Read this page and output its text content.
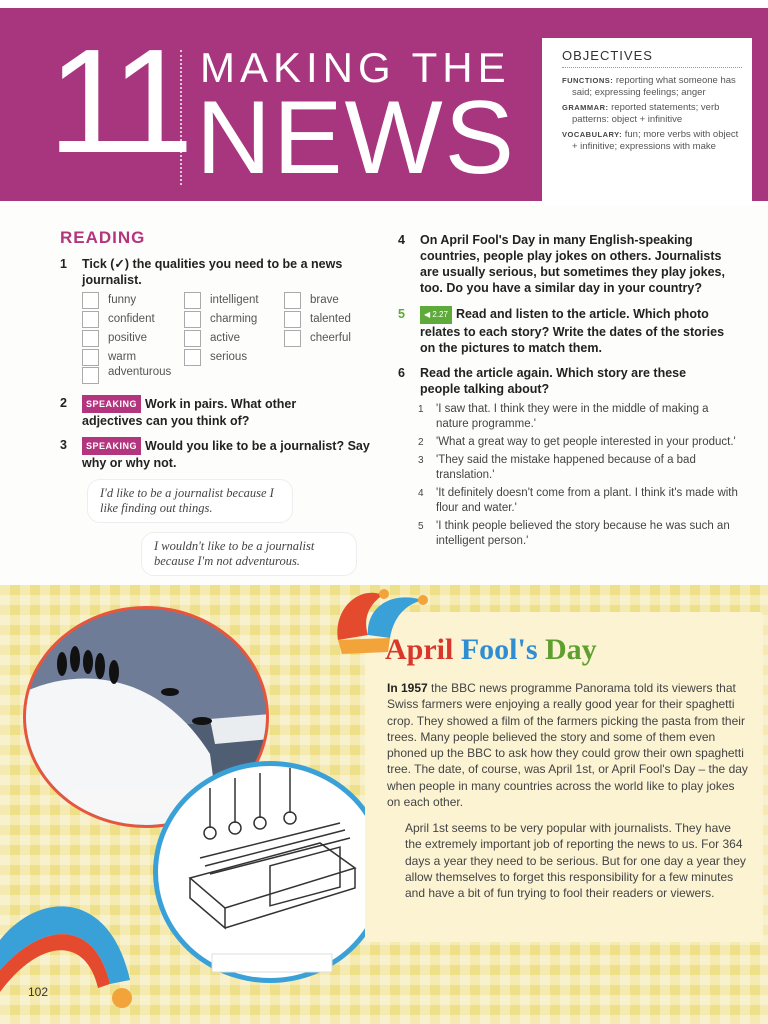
11 MAKING THE
NEWS
OBJECTIVES
FUNCTIONS: reporting what someone has said; expressing feelings; anger
GRAMMAR: reported statements; verb patterns: object + infinitive
VOCABULARY: fun; more verbs with object + infinitive; expressions with make
READING
1 Tick (✓) the qualities you need to be a news journalist.
funny
confident
positive
warm
adventurous
intelligent
charming
active
serious
brave
talented
cheerful
2 SPEAKING Work in pairs. What other adjectives can you think of?
3 SPEAKING Would you like to be a journalist? Say why or why not.
I'd like to be a journalist because I like finding out things.
I wouldn't like to be a journalist because I'm not adventurous.
4 On April Fool's Day in many English-speaking countries, people play jokes on others. Journalists are usually serious, but sometimes they play jokes, too. Do you have a similar day in your country?
5 ◀ 2.27 Read and listen to the article. Which photo relates to each story? Write the dates of the stories on the pictures to match them.
6 Read the article again. Which story are these people talking about?
1 'I saw that. I think they were in the middle of making a nature programme.'
2 'What a great way to get people interested in your product.'
3 'They said the mistake happened because of a bad translation.'
4 'It definitely doesn't come from a plant. I think it's made with flour and water.'
5 'I think people believed the story because he was such an intelligent person.'
April Fool's Day
In 1957 the BBC news programme Panorama told its viewers that Swiss farmers were enjoying a really good year for their spaghetti crop. They showed a film of the farmers picking the pasta from their trees. Many people believed the story and some of them even phoned up the BBC to ask how they could grow their own spaghetti tree. The date, of course, was April 1st, or April Fool's Day – the day when people in many countries across the world like to play jokes on each other.
April 1st seems to be very popular with journalists. They have the extremely important job of reporting the news to us. For 364 days a year they need to be serious. But for one day a year they allow themselves to forget this responsibility for a few minutes and have a bit of fun trying to fool their readers or viewers.
102
